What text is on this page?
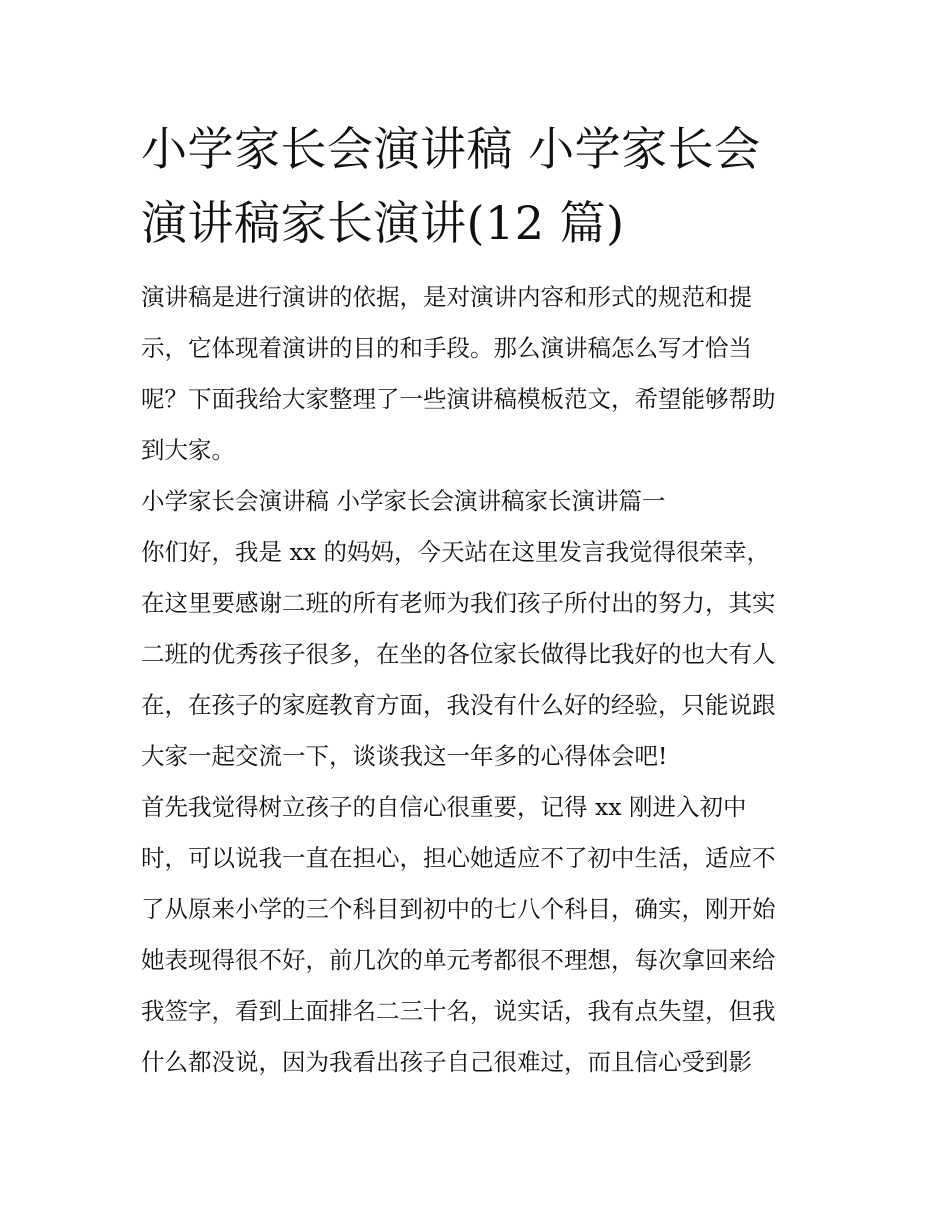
小学家长会演讲稿 小学家长会
演讲稿家长演讲(12 篇)

演讲稿是进行演讲的依据，是对演讲内容和形式的规范和提
示，它体现着演讲的目的和手段。那么演讲稿怎么写才恰当
呢？下面我给大家整理了一些演讲稿模板范文，希望能够帮助
到大家。

小学家长会演讲稿 小学家长会演讲稿家长演讲篇一

你们好，我是 xx 的妈妈，今天站在这里发言我觉得很荣幸，
在这里要感谢二班的所有老师为我们孩子所付出的努力，其实
二班的优秀孩子很多，在坐的各位家长做得比我好的也大有人
在，在孩子的家庭教育方面，我没有什么好的经验，只能说跟
大家一起交流一下，谈谈我这一年多的心得体会吧!

首先我觉得树立孩子的自信心很重要，记得 xx 刚进入初中
时，可以说我一直在担心，担心她适应不了初中生活，适应不
了从原来小学的三个科目到初中的七八个科目，确实，刚开始
她表现得很不好，前几次的单元考都很不理想，每次拿回来给
我签字，看到上面排名二三十名，说实话，我有点失望，但我
什么都没说，因为我看出孩子自己很难过，而且信心受到影
